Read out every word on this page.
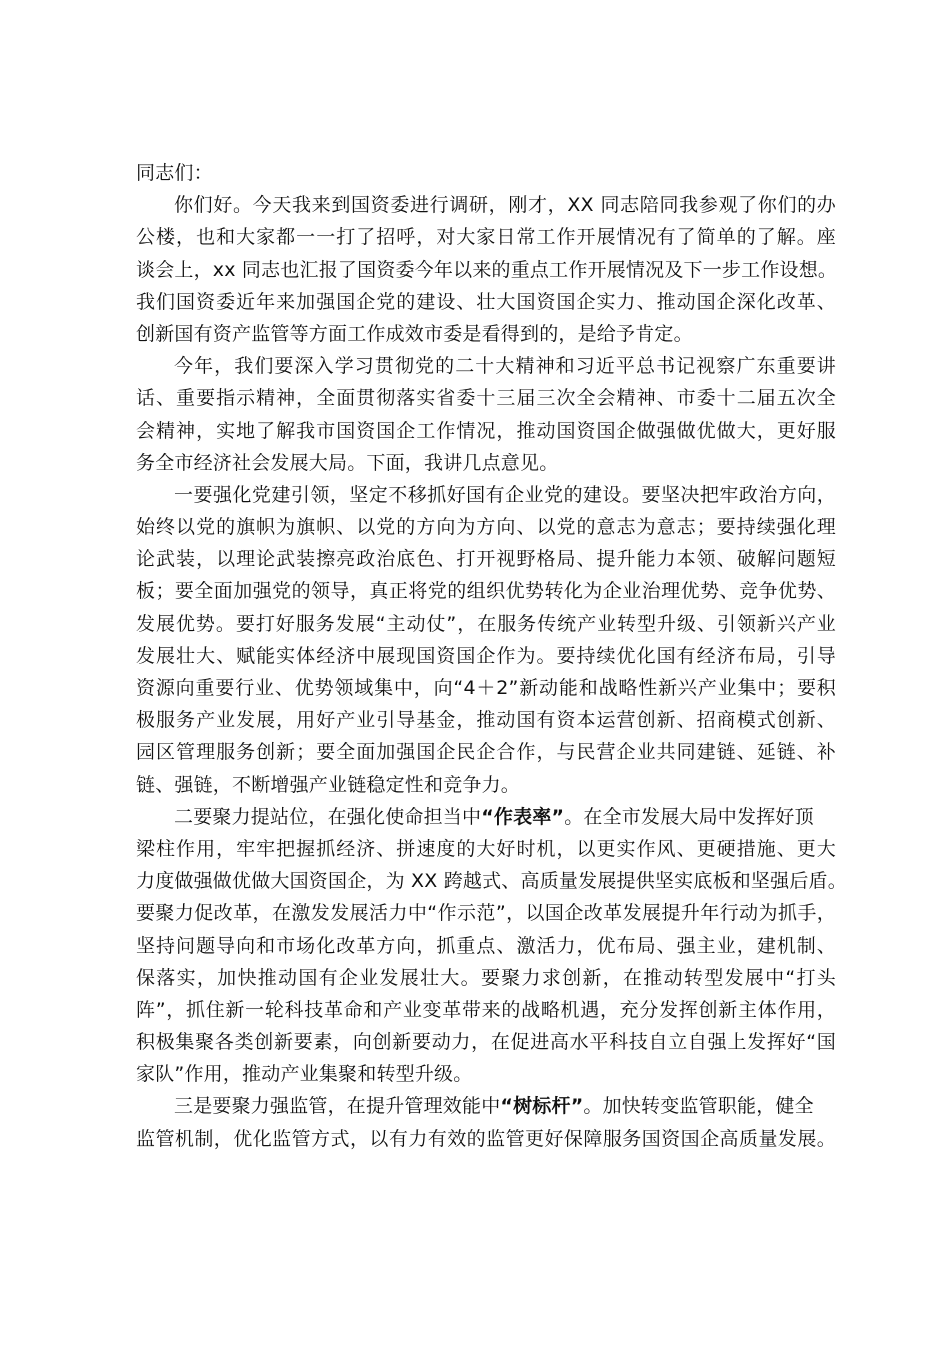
同志们：
你们好。今天我来到国资委进行调研，刚才，XX 同志陪同我参观了你们的办
公楼，也和大家都一一打了招呼，对大家日常工作开展情况有了简单的了解。座
谈会上，xx 同志也汇报了国资委今年以来的重点工作开展情况及下一步工作设想。
我们国资委近年来加强国企党的建设、壮大国资国企实力、推动国企深化改革、
创新国有资产监管等方面工作成效市委是看得到的，是给予肯定。
今年，我们要深入学习贯彻党的二十大精神和习近平总书记视察广东重要讲
话、重要指示精神，全面贯彻落实省委十三届三次全会精神、市委十二届五次全
会精神，实地了解我市国资国企工作情况，推动国资国企做强做优做大，更好服
务全市经济社会发展大局。下面，我讲几点意见。
一要强化党建引领，坚定不移抓好国有企业党的建设。要坚决把牢政治方向，
始终以党的旗帜为旗帜、以党的方向为方向、以党的意志为意志；要持续强化理
论武装，以理论武装擦亮政治底色、打开视野格局、提升能力本领、破解问题短
板；要全面加强党的领导，真正将党的组织优势转化为企业治理优势、竞争优势、
发展优势。要打好服务发展“主动仗”，在服务传统产业转型升级、引领新兴产业
发展壮大、赋能实体经济中展现国资国企作为。要持续优化国有经济布局，引导
资源向重要行业、优势领域集中，向“4＋2”新动能和战略性新兴产业集中；要积
极服务产业发展，用好产业引导基金，推动国有资本运营创新、招商模式创新、
园区管理服务创新；要全面加强国企民企合作，与民营企业共同建链、延链、补
链、强链，不断增强产业链稳定性和竞争力。
二要聚力提站位，在强化使命担当中“作表率”。在全市发展大局中发挥好顶
梁柱作用，牢牢把握抓经济、拼速度的大好时机，以更实作风、更硬措施、更大
力度做强做优做大国资国企，为 XX 跨越式、高质量发展提供坚实底板和坚强后盾。
要聚力促改革，在激发发展活力中“作示范”，以国企改革发展提升年行动为抓手，
坚持问题导向和市场化改革方向，抓重点、激活力，优布局、强主业，建机制、
保落实，加快推动国有企业发展壮大。要聚力求创新，在推动转型发展中“打头
阵”，抓住新一轮科技革命和产业变革带来的战略机遇，充分发挥创新主体作用，
积极集聚各类创新要素，向创新要动力，在促进高水平科技自立自强上发挥好“国
家队”作用，推动产业集聚和转型升级。
三是要聚力强监管，在提升管理效能中“树标杆”。加快转变监管职能，健全
监管机制，优化监管方式，以有力有效的监管更好保障服务国资国企高质量发展。
